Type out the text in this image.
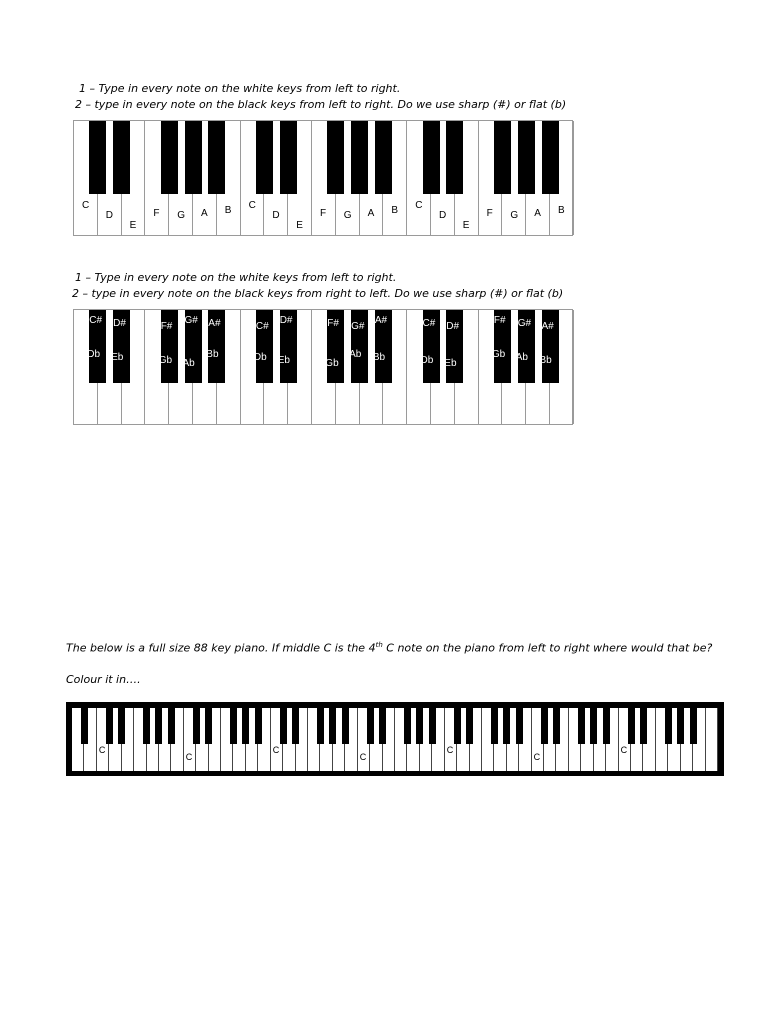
1 – Type in every note on the white keys from left to right.
2 – type in every note on the black keys from left to right. Do we use sharp (#) or flat (b)
C
D
E
F G A B C
D
E
F G A B C
D
E
F G A B
1 – Type in every note on the white keys from left to right.
2 – type in every note on the black keys from right to left. Do we use sharp (#) or flat (b)
C#
Db
D#
Eb
F#
Gb
G#
Ab
A#
Bb
C#
Db
D#
Eb
F#
Gb
G#
Ab
A#
Bb
C#
Db
D#
Eb
F#
Gb
G#
Ab
A#
Bb
The below is a full size 88 key piano. If middle C is the 4th C note on the piano from left to right where would that be?
Colour it in….
C
C
C
C
C
C
C
